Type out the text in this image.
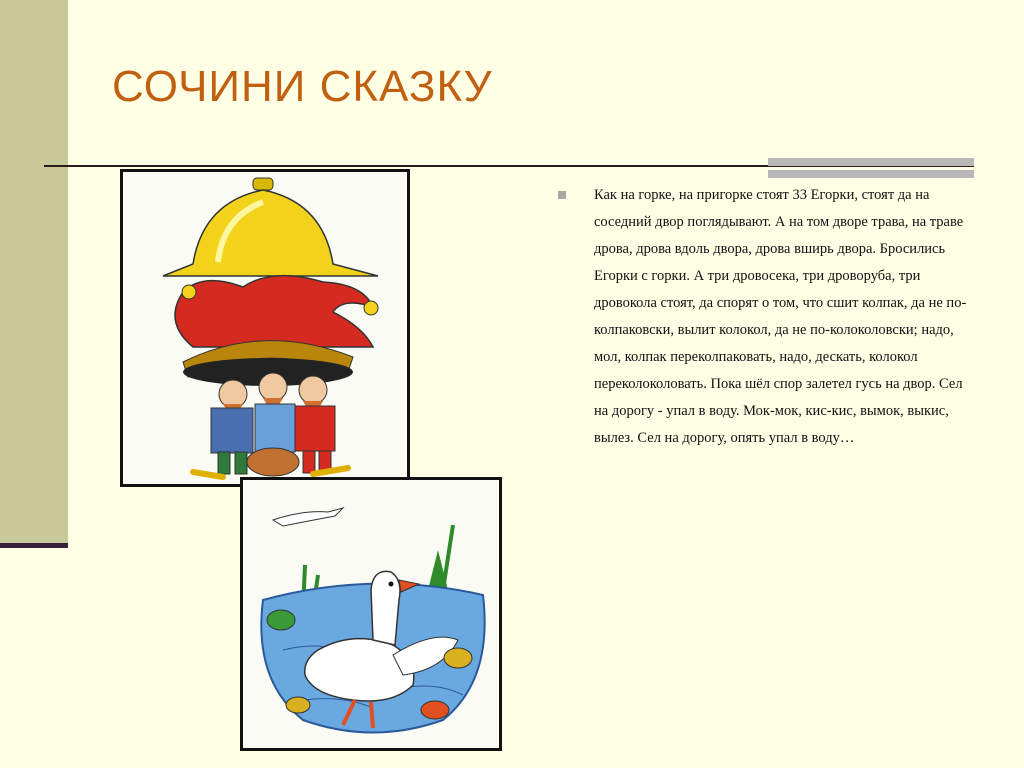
СОЧИНИ СКАЗКУ

Как на горке, на пригорке стоят 33 Егорки, стоят да на соседний двор поглядывают. А на том дворе трава, на траве дрова, дрова вдоль двора, дрова вширь двора. Бросились Егорки с горки. А три дровосека, три дроворуба, три дровокола стоят, да спорят о том, что сшит колпак, да не по-колпаковски, вылит колокол, да не по-колоколовски; надо, мол, колпак переколпаковать, надо, дескать, колокол переколоколовать. Пока шёл спор залетел гусь на двор. Сел на дорогу - упал в воду. Мок-мок, кис-кис, вымок, выкис, вылез. Сел на дорогу, опять упал в воду…
